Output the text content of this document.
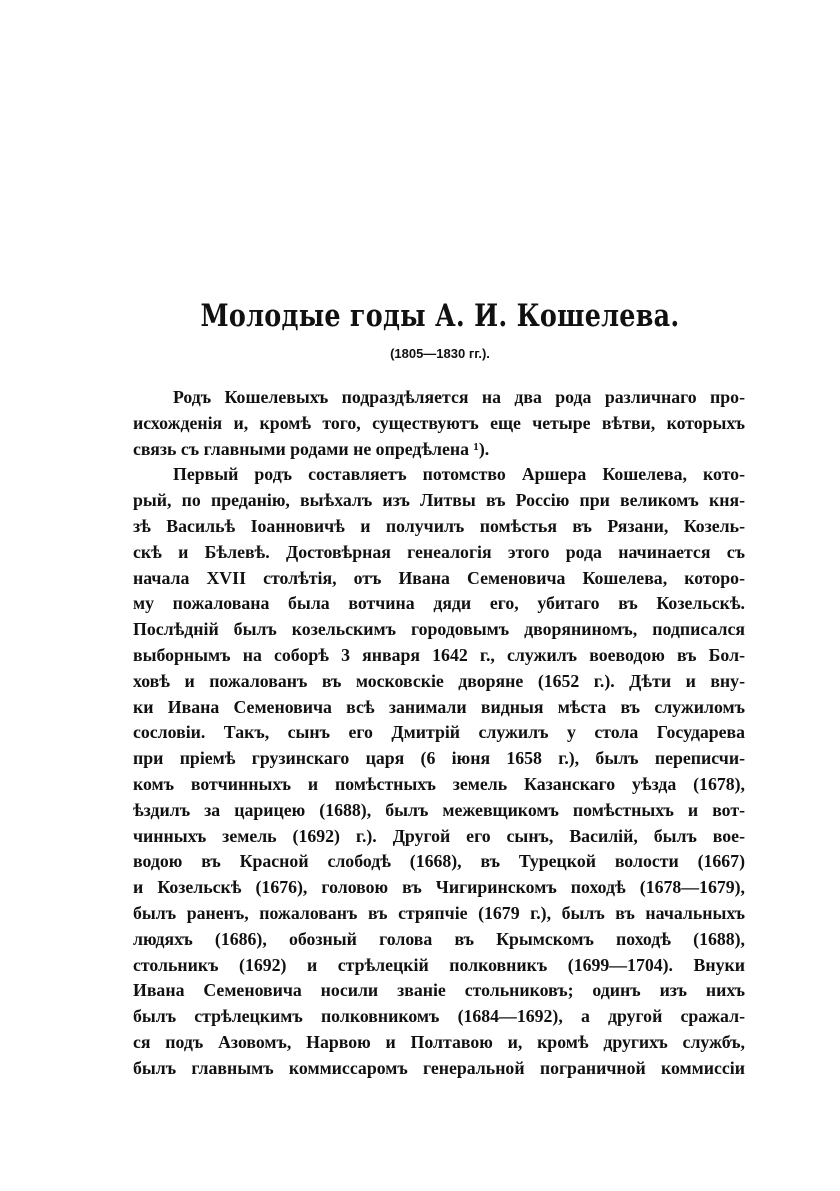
Молодые годы А. И. Кошелева.
(1805—1830 гг.).
Родъ Кошелевыхъ подраздѣляется на два рода различнаго про-
исхожденія и, кромѣ того, существуютъ еще четыре вѣтви, которыхъ
связь съ главными родами не опредѣлена ¹).
Первый родъ составляетъ потомство Аршера Кошелева, кото-
рый, по преданію, выѣхалъ изъ Литвы въ Россію при великомъ кня-
зѣ Васильѣ Іоанновичѣ и получилъ помѣстья въ Рязани, Козель-
скѣ и Бѣлевѣ. Достовѣрная генеалогія этого рода начинается съ
начала XVII столѣтія, отъ Ивана Семеновича Кошелева, которо-
му пожалована была вотчина дяди его, убитаго въ Козельскѣ.
Послѣдній былъ козельскимъ городовымъ дворяниномъ, подписался
выборнымъ на соборѣ 3 января 1642 г., служилъ воеводою въ Бол-
ховѣ и пожалованъ въ московскіе дворяне (1652 г.). Дѣти и вну-
ки Ивана Семеновича всѣ занимали видныя мѣста въ служиломъ
сословіи. Такъ, сынъ его Дмитрій служилъ у стола Государева
при пріемѣ грузинскаго царя (6 іюня 1658 г.), былъ переписчи-
комъ вотчинныхъ и помѣстныхъ земель Казанскаго уѣзда (1678),
ѣздилъ за царицею (1688), былъ межевщикомъ помѣстныхъ и вот-
чинныхъ земель (1692) г.). Другой его сынъ, Василій, былъ вое-
водою въ Красной слободѣ (1668), въ Турецкой волости (1667)
и Козельскѣ (1676), головою въ Чигиринскомъ походѣ (1678—1679),
былъ раненъ, пожалованъ въ стряпчіе (1679 г.), былъ въ начальныхъ
людяхъ (1686), обозный голова въ Крымскомъ походѣ (1688),
стольникъ (1692) и стрѣлецкій полковникъ (1699—1704). Внуки
Ивана Семеновича носили званіе стольниковъ; одинъ изъ нихъ
былъ стрѣлецкимъ полковникомъ (1684—1692), а другой сражал-
ся подъ Азовомъ, Нарвою и Полтавою и, кромѣ другихъ службъ,
былъ главнымъ коммиссаромъ генеральной пограничной коммиссіи
